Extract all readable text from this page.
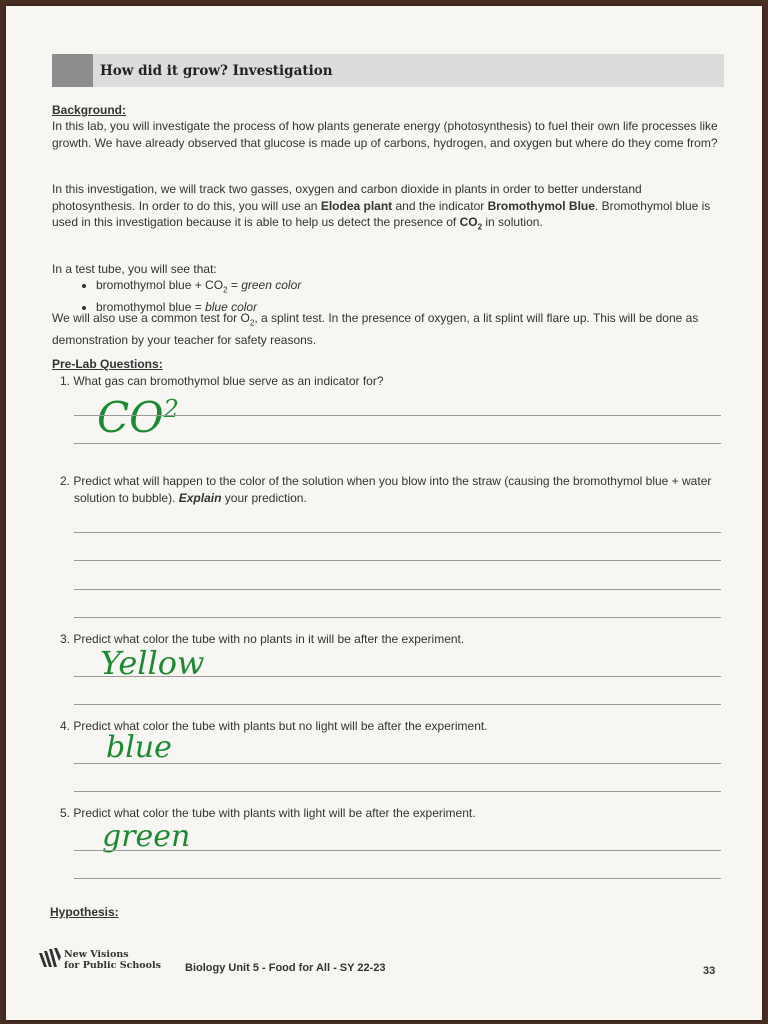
How did it grow? Investigation
Background:
In this lab, you will investigate the process of how plants generate energy (photosynthesis) to fuel their own life processes like growth. We have already observed that glucose is made up of carbons, hydrogen, and oxygen but where do they come from?
In this investigation, we will track two gasses, oxygen and carbon dioxide in plants in order to better understand photosynthesis. In order to do this, you will use an Elodea plant and the indicator Bromothymol Blue. Bromothymol blue is used in this investigation because it is able to help us detect the presence of $CO_2$ in solution.
In a test tube, you will see that:
• bromothymol blue + $CO_2$ = green color
• bromothymol blue = blue color
We will also use a common test for $O_2$, a splint test. In the presence of oxygen, a lit splint will flare up. This will be done as demonstration by your teacher for safety reasons.
Pre-Lab Questions:
1. What gas can bromothymol blue serve as an indicator for?
$CO^2$
2. Predict what will happen to the color of the solution when you blow into the straw (causing the bromothymol blue + water solution to bubble). Explain your prediction.
3. Predict what color the tube with no plants in it will be after the experiment.
Yellow
4. Predict what color the tube with plants but no light will be after the experiment.
blue
5. Predict what color the tube with plants with light will be after the experiment.
green
Hypothesis:
New Visions
for Public Schools Biology Unit 5 - Food for All - SY 22-23	33
